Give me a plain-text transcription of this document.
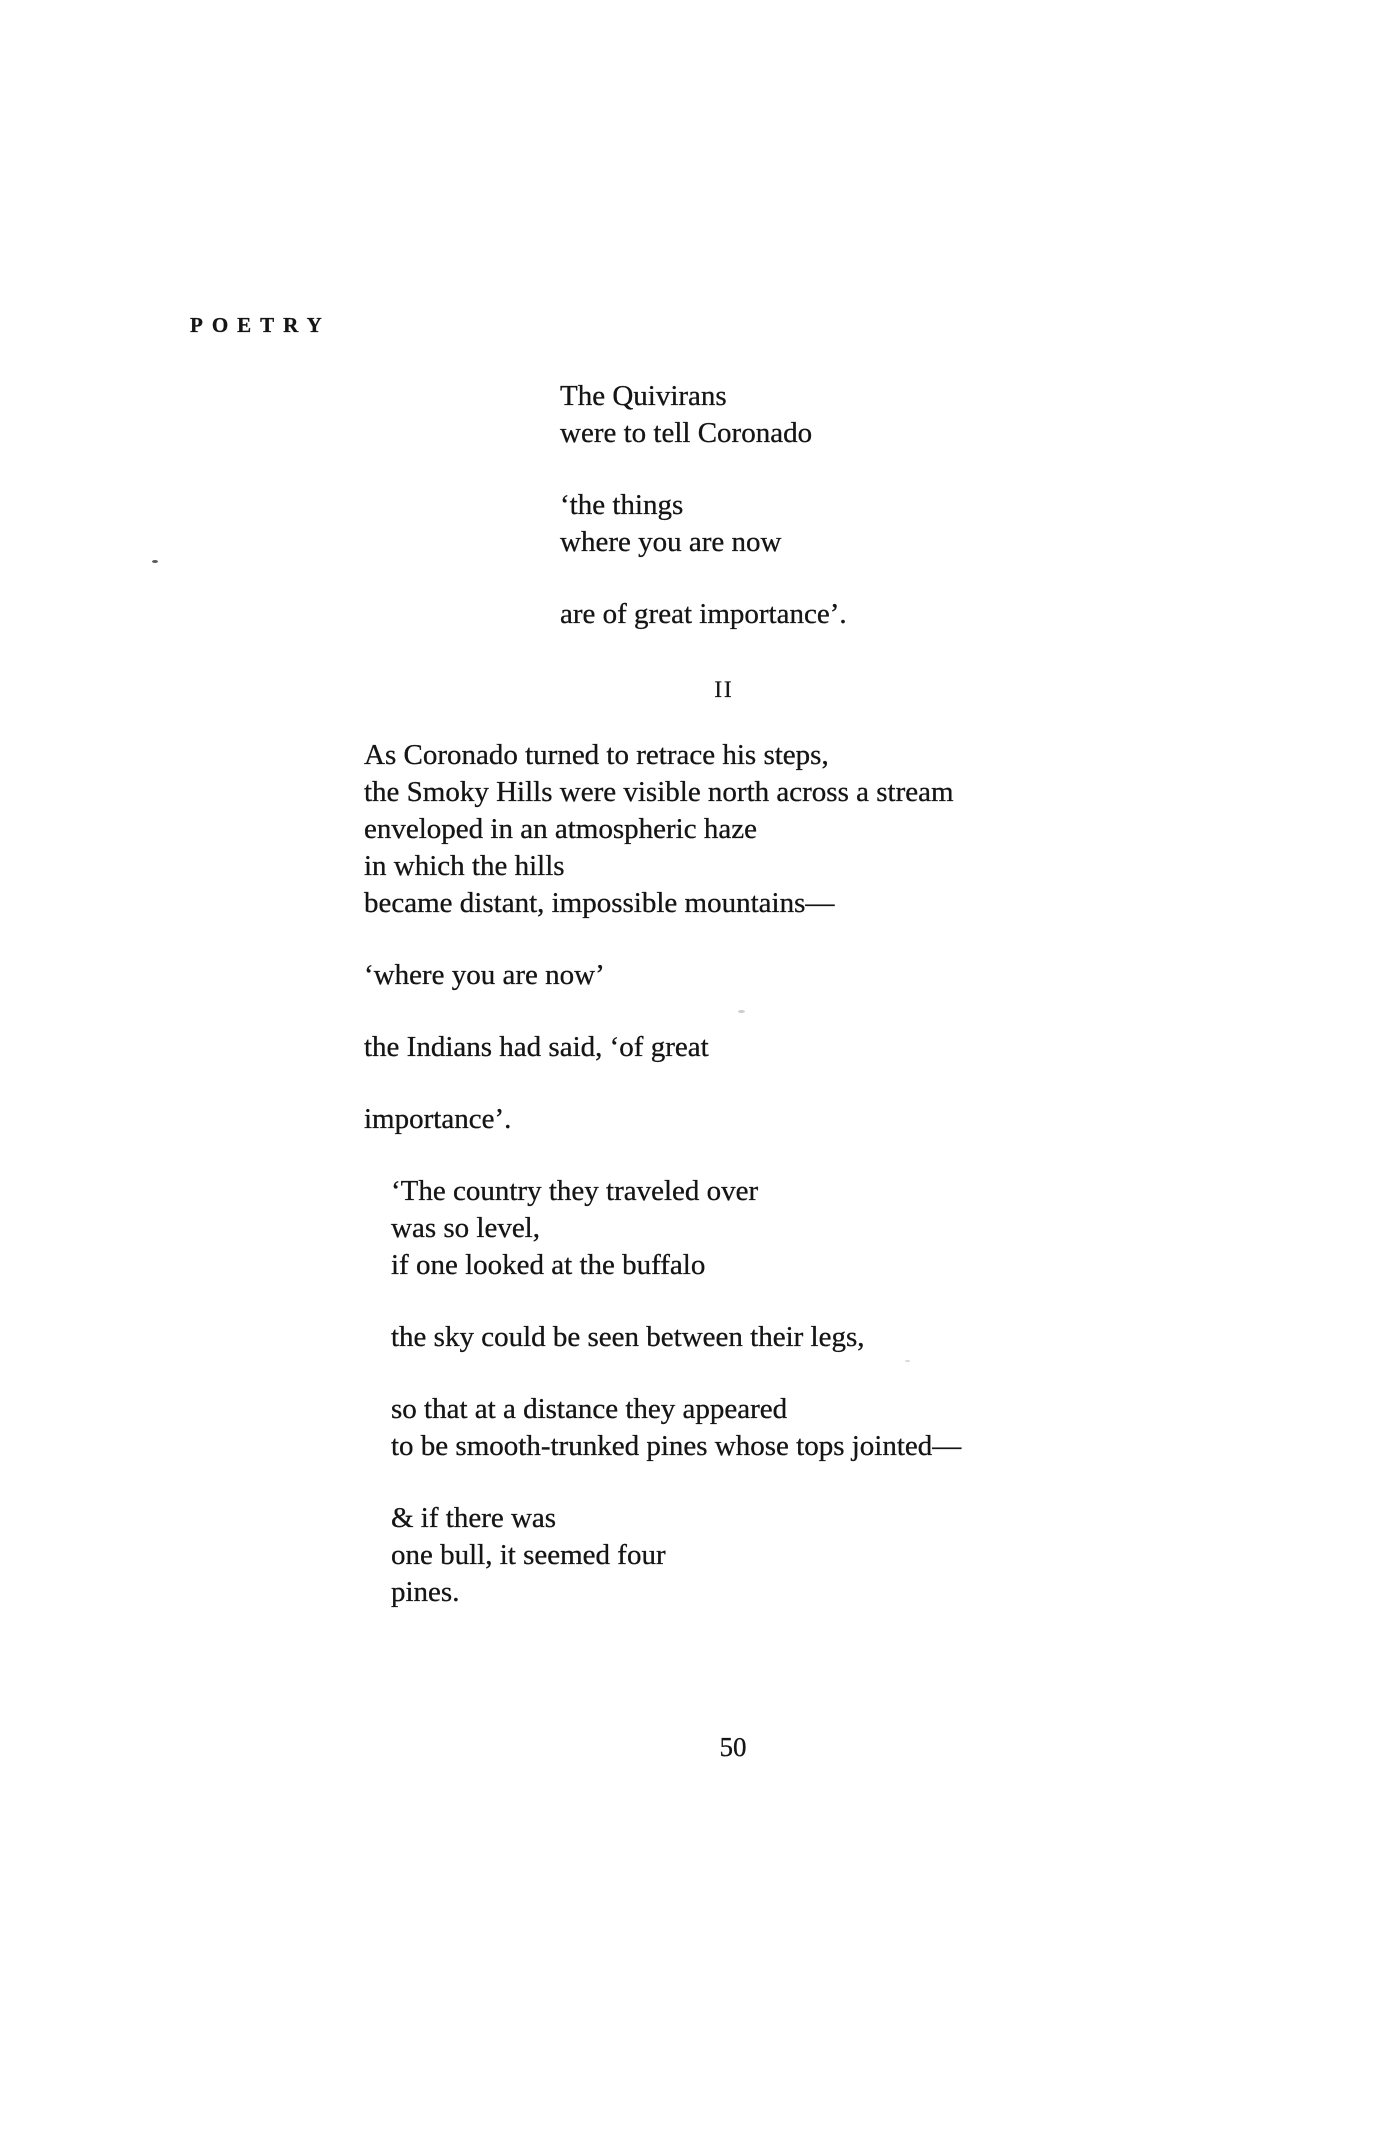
POETRY
The Quivirans
were to tell Coronado
‘the things
where you are now
are of great importance’.
II
As Coronado turned to retrace his steps,
the Smoky Hills were visible north across a stream
enveloped in an atmospheric haze
in which the hills
became distant, impossible mountains—
‘where you are now’
the Indians had said, ‘of great
importance’.
‘The country they traveled over
was so level,
if one looked at the buffalo
the sky could be seen between their legs,
so that at a distance they appeared
to be smooth-trunked pines whose tops jointed—
& if there was
one bull, it seemed four
pines.
50
